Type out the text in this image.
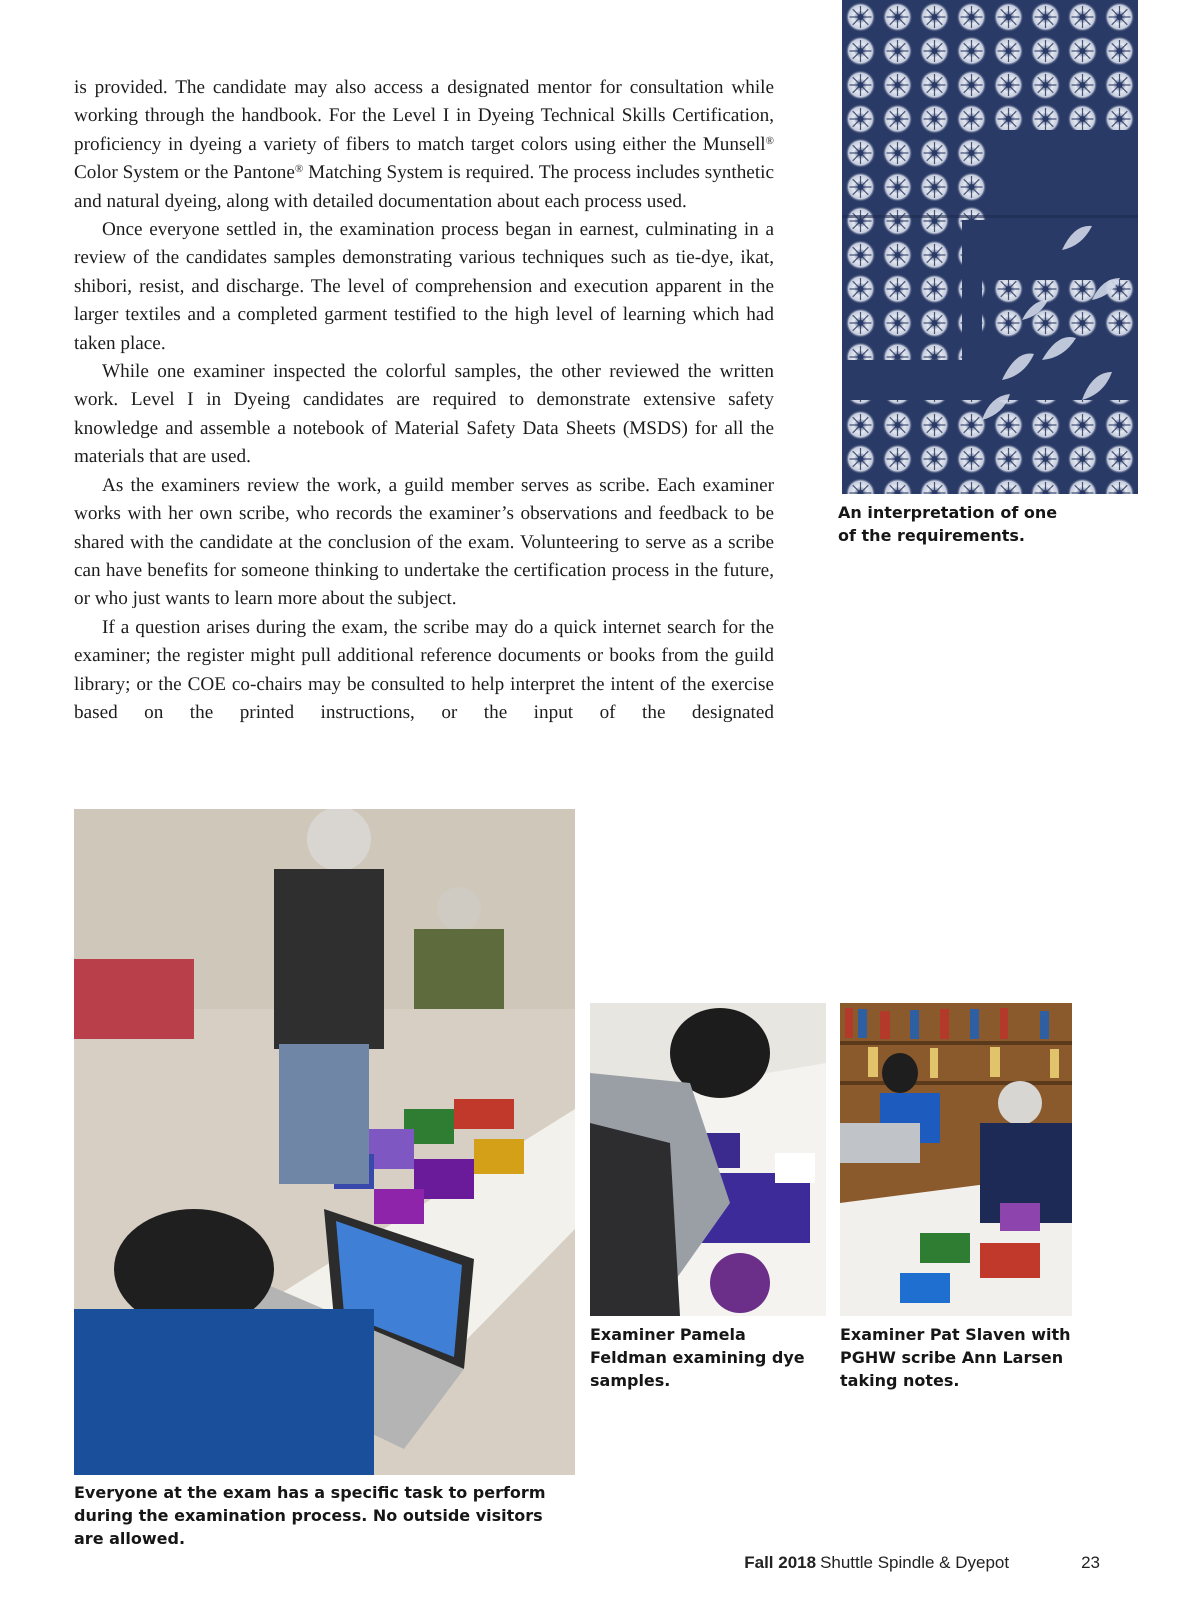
is provided. The candidate may also access a designated mentor for consultation while working through the handbook. For the Level I in Dyeing Technical Skills Certification, proficiency in dyeing a variety of fibers to match target colors using either the Munsell® Color System or the Pantone® Matching System is required. The process includes synthetic and natural dyeing, along with detailed documentation about each process used.

Once everyone settled in, the examination process began in earnest, culminating in a review of the candidates samples demonstrating various techniques such as tie-dye, ikat, shibori, resist, and discharge. The level of comprehension and execution apparent in the larger textiles and a completed garment testified to the high level of learning which had taken place.

While one examiner inspected the colorful samples, the other reviewed the written work. Level I in Dyeing candidates are required to demonstrate extensive safety knowledge and assemble a notebook of Material Safety Data Sheets (MSDS) for all the materials that are used.

As the examiners review the work, a guild member serves as scribe. Each examiner works with her own scribe, who records the examiner’s observations and feedback to be shared with the candidate at the conclusion of the exam. Volunteering to serve as a scribe can have benefits for someone thinking to undertake the certification process in the future, or who just wants to learn more about the subject.

If a question arises during the exam, the scribe may do a quick internet search for the examiner; the register might pull additional reference documents or books from the guild library; or the COE co-chairs may be consulted to help interpret the intent of the exercise based on the printed instructions, or the input of the designated

An interpretation of one of the requirements.
Everyone at the exam has a specific task to perform during the examination process. No outside visitors are allowed.
Examiner Pamela Feldman examining dye samples.
Examiner Pat Slaven with PGHW scribe Ann Larsen taking notes.
Fall 2018 Shuttle Spindle & Dyepot	23
